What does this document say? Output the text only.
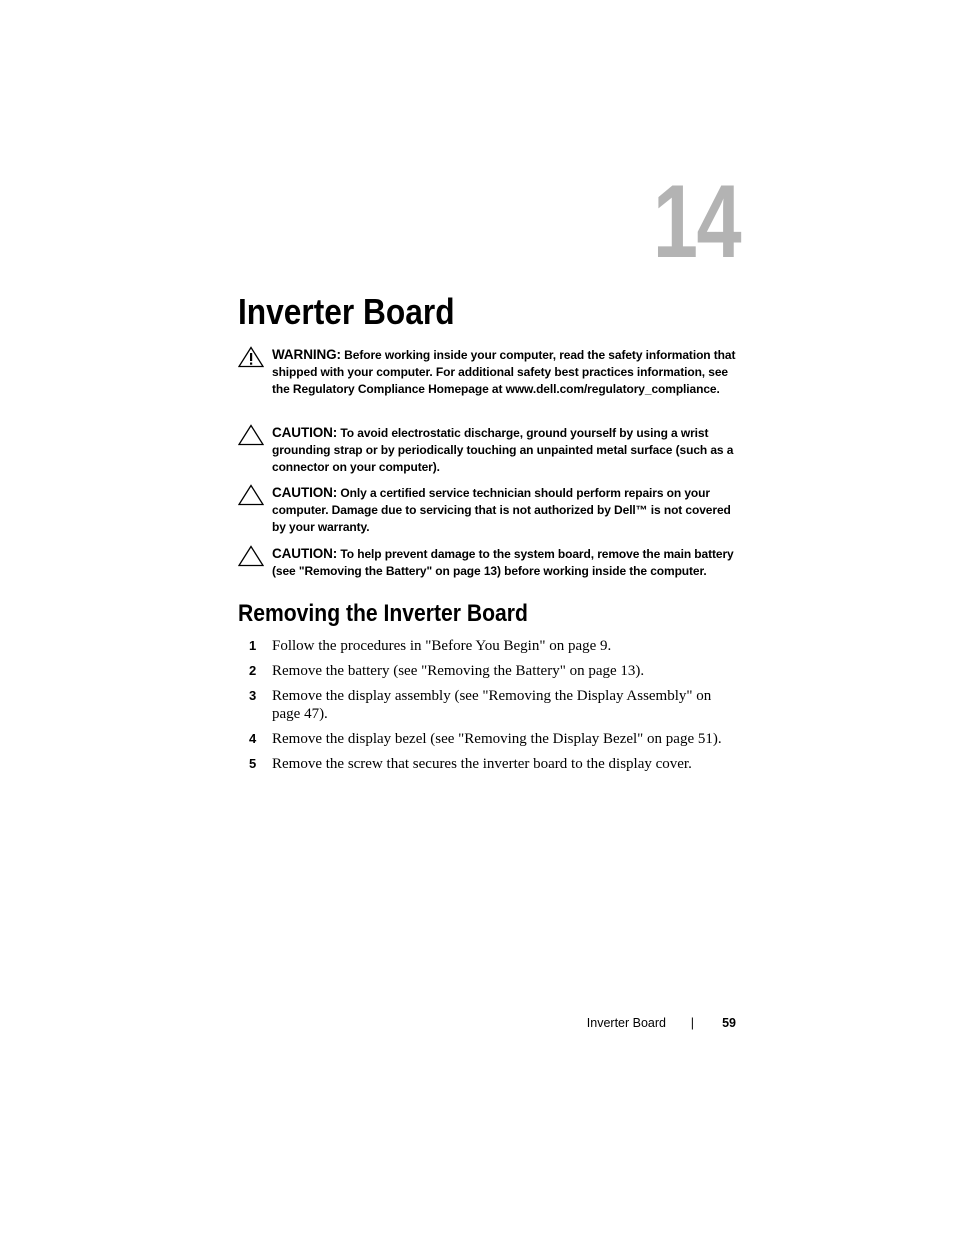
14
Inverter Board
WARNING: Before working inside your computer, read the safety information that shipped with your computer. For additional safety best practices information, see the Regulatory Compliance Homepage at www.dell.com/regulatory_compliance.
CAUTION: To avoid electrostatic discharge, ground yourself by using a wrist grounding strap or by periodically touching an unpainted metal surface (such as a connector on your computer).
CAUTION: Only a certified service technician should perform repairs on your computer. Damage due to servicing that is not authorized by Dell™ is not covered by your warranty.
CAUTION: To help prevent damage to the system board, remove the main battery (see "Removing the Battery" on page 13) before working inside the computer.
Removing the Inverter Board
1 Follow the procedures in "Before You Begin" on page 9.
2 Remove the battery (see "Removing the Battery" on page 13).
3 Remove the display assembly (see "Removing the Display Assembly" on page 47).
4 Remove the display bezel (see "Removing the Display Bezel" on page 51).
5 Remove the screw that secures the inverter board to the display cover.
Inverter Board | 59
